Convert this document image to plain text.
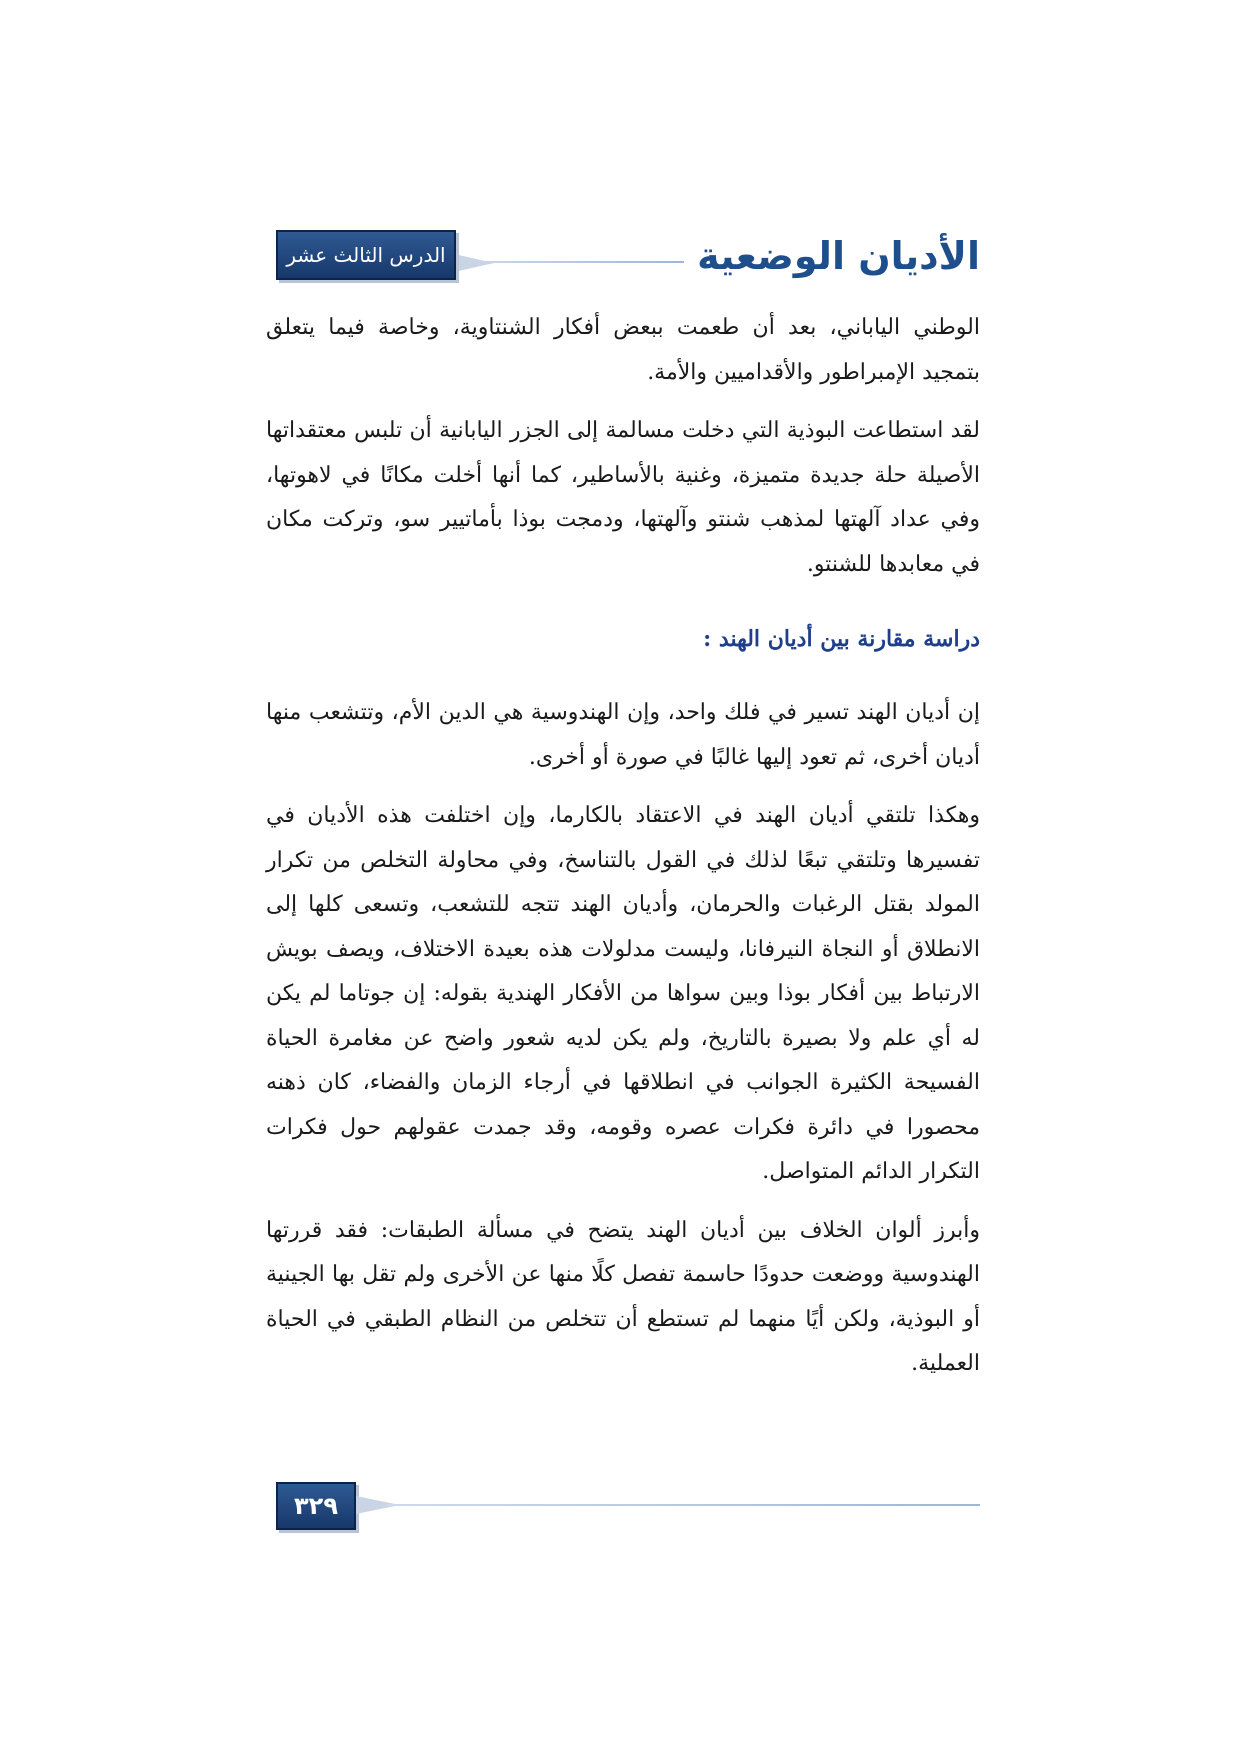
الأديان الوضعية
الدرس الثالث عشر

الوطني الياباني، بعد أن طعمت ببعض أفكار الشنتاوية، وخاصة فيما يتعلق بتمجيد الإمبراطور والأقداميين والأمة.

لقد استطاعت البوذية التي دخلت مسالمة إلى الجزر اليابانية أن تلبس معتقداتها الأصيلة حلة جديدة متميزة، وغنية بالأساطير، كما أنها أخلت مكانًا في لاهوتها، وفي عداد آلهتها لمذهب شنتو وآلهتها، ودمجت بوذا بأماتيير سو، وتركت مكان في معابدها للشنتو.

دراسة مقارنة بين أديان الهند :

إن أديان الهند تسير في فلك واحد، وإن الهندوسية هي الدين الأم، وتتشعب منها أديان أخرى، ثم تعود إليها غالبًا في صورة أو أخرى.

وهكذا تلتقي أديان الهند في الاعتقاد بالكارما، وإن اختلفت هذه الأديان في تفسيرها وتلتقي تبعًا لذلك في القول بالتناسخ، وفي محاولة التخلص من تكرار المولد بقتل الرغبات والحرمان، وأديان الهند تتجه للتشعب، وتسعى كلها إلى الانطلاق أو النجاة النيرفانا، وليست مدلولات هذه بعيدة الاختلاف، ويصف بويش الارتباط بين أفكار بوذا وبين سواها من الأفكار الهندية بقوله: إن جوتاما لم يكن له أي علم ولا بصيرة بالتاريخ، ولم يكن لديه شعور واضح عن مغامرة الحياة الفسيحة الكثيرة الجوانب في انطلاقها في أرجاء الزمان والفضاء، كان ذهنه محصورا في دائرة فكرات عصره وقومه، وقد جمدت عقولهم حول فكرات التكرار الدائم المتواصل.

وأبرز ألوان الخلاف بين أديان الهند يتضح في مسألة الطبقات: فقد قررتها الهندوسية ووضعت حدودًا حاسمة تفصل كلًا منها عن الأخرى ولم تقل بها الجينية أو البوذية، ولكن أيًا منهما لم تستطع أن تتخلص من النظام الطبقي في الحياة العملية.

٣٢٩
